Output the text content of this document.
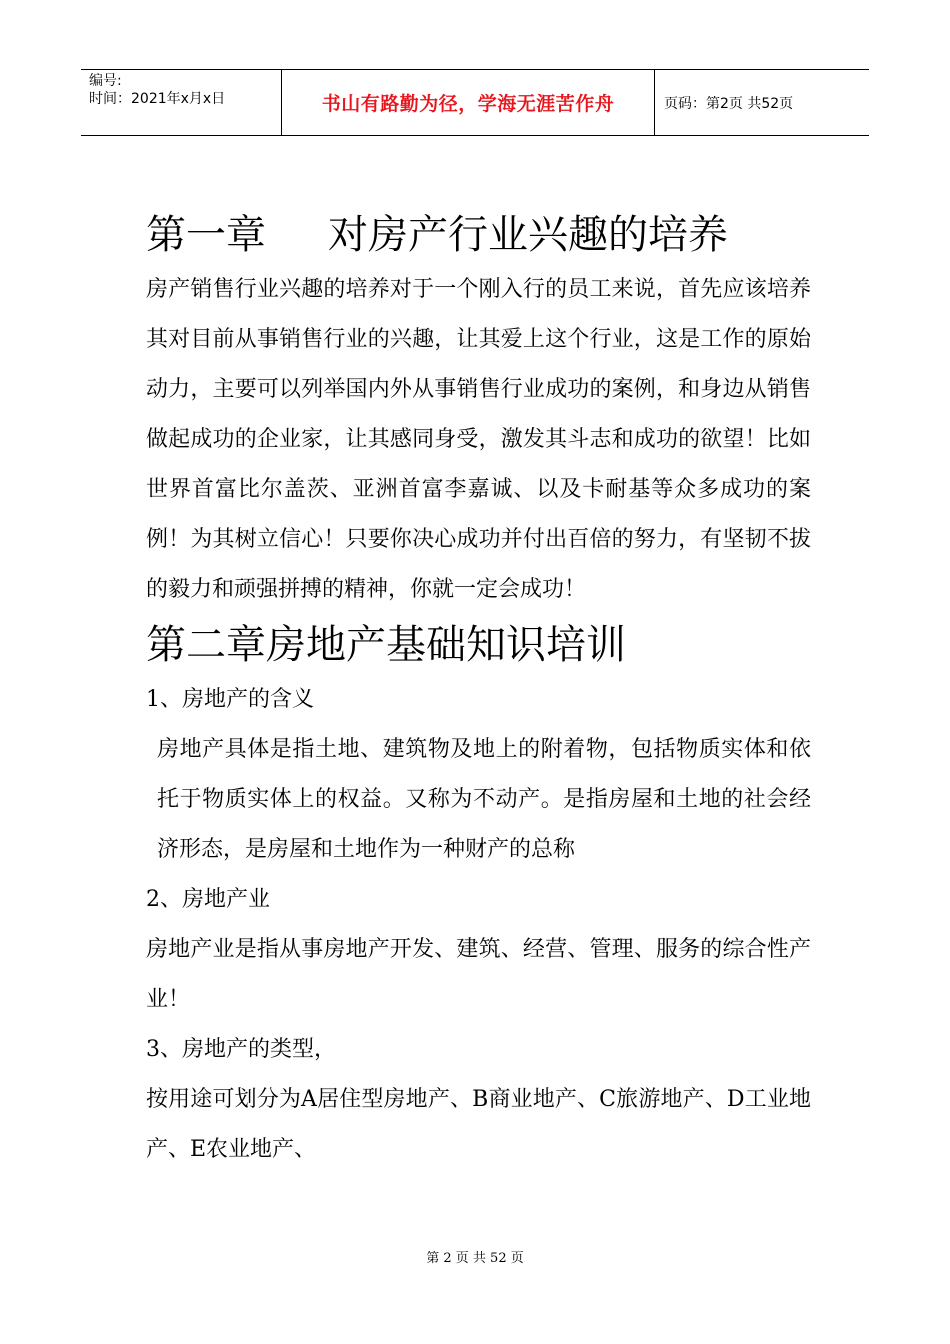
编号:
时间：2021年x月x日	书山有路勤为径，学海无涯苦作舟	页码：第2页 共52页
第一章 对房产行业兴趣的培养

房产销售行业兴趣的培养对于一个刚入行的员工来说，首先应该培养其对目前从事销售行业的兴趣，让其爱上这个行业，这是工作的原始动力，主要可以列举国内外从事销售行业成功的案例，和身边从销售做起成功的企业家，让其感同身受，激发其斗志和成功的欲望！比如世界首富比尔盖茨、亚洲首富李嘉诚、以及卡耐基等众多成功的案例！为其树立信心！只要你决心成功并付出百倍的努力，有坚韧不拔的毅力和顽强拼搏的精神，你就一定会成功！

第二章房地产基础知识培训

1、房地产的含义

房地产具体是指土地、建筑物及地上的附着物，包括物质实体和依托于物质实体上的权益。又称为不动产。是指房屋和土地的社会经济形态，是房屋和土地作为一种财产的总称

2、房地产业

房地产业是指从事房地产开发、建筑、经营、管理、服务的综合性产业！

3、房地产的类型，

按用途可划分为A居住型房地产、B商业地产、C旅游地产、D工业地产、E农业地产、

第 2 页 共 52 页
